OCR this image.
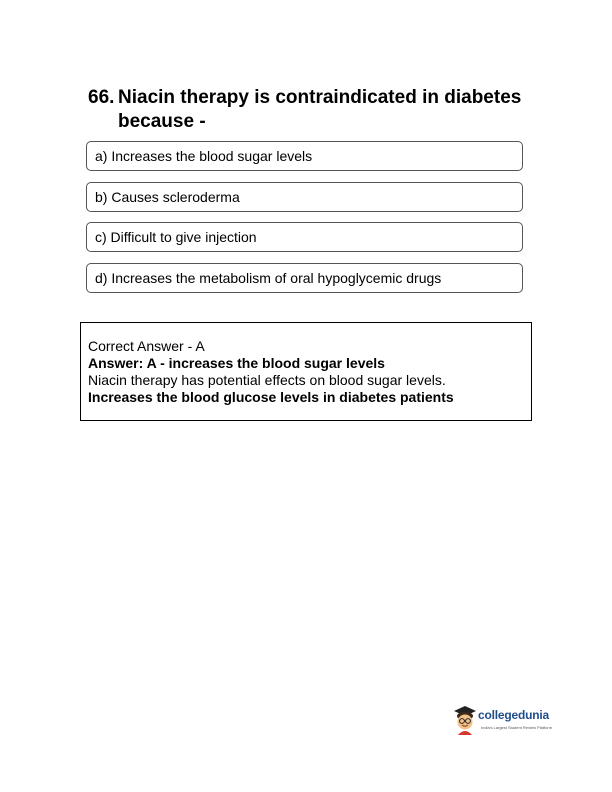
66. Niacin therapy is contraindicated in diabetes because -
a) Increases the blood sugar levels
b) Causes scleroderma
c) Difficult to give injection
d) Increases the metabolism of oral hypoglycemic drugs
Correct Answer - A
Answer: A - increases the blood sugar levels
Niacin therapy has potential effects on blood sugar levels.
Increases the blood glucose levels in diabetes patients
collegedunia
India's Largest Student Review Platform
